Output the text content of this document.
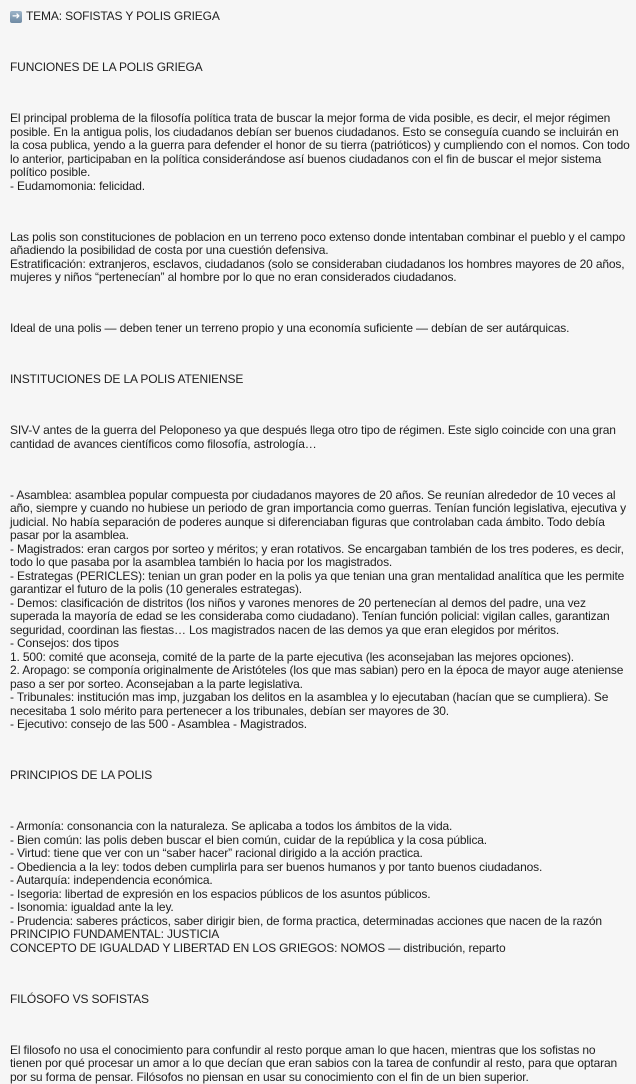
➜ TEMA: SOFISTAS Y POLIS GRIEGA

FUNCIONES DE LA POLIS GRIEGA

El principal problema de la filosofía política trata de buscar la mejor forma de vida posible, es decir, el mejor régimen posible. En la antigua polis, los ciudadanos debían ser buenos ciudadanos. Esto se conseguía cuando se incluirán en la cosa publica, yendo a la guerra para defender el honor de su tierra (patrióticos) y cumpliendo con el nomos. Con todo lo anterior, participaban en la política considerándose así buenos ciudadanos con el fin de buscar el mejor sistema político posible.

- Eudamomonia: felicidad.

Las polis son constituciones de poblacion en un terreno poco extenso donde intentaban combinar el pueblo y el campo añadiendo la posibilidad de costa por una cuestión defensiva.

Estratificación: extranjeros, esclavos, ciudadanos (solo se consideraban ciudadanos los hombres mayores de 20 años, mujeres y niños “pertenecían” al hombre por lo que no eran considerados ciudadanos.

Ideal de una polis — deben tener un terreno propio y una economía suficiente — debían de ser autárquicas.

INSTITUCIONES DE LA POLIS ATENIENSE

SIV-V antes de la guerra del Peloponeso ya que después llega otro tipo de régimen. Este siglo coincide con una gran cantidad de avances científicos como filosofía, astrología…

- Asamblea: asamblea popular compuesta por ciudadanos mayores de 20 años. Se reunían alrededor de 10 veces al año, siempre y cuando no hubiese un periodo de gran importancia como guerras. Tenían función legislativa, ejecutiva y judicial. No había separación de poderes aunque si diferenciaban figuras que controlaban cada ámbito. Todo debía pasar por la asamblea.

- Magistrados: eran cargos por sorteo y méritos; y eran rotativos. Se encargaban también de los tres poderes, es decir, todo lo que pasaba por la asamblea también lo hacia por los magistrados.

- Estrategas (PERICLES): tenian un gran poder en la polis ya que tenian una gran mentalidad analítica que les permite garantizar el futuro de la polis (10 generales estrategas).

- Demos: clasificación de distritos (los niños y varones menores de 20 pertenecían al demos del padre, una vez superada la mayoría de edad se les consideraba como ciudadano). Tenían función policial: vigilan calles, garantizan seguridad, coordinan las fiestas… Los magistrados nacen de las demos ya que eran elegidos por méritos.

- Consejos: dos tipos

1. 500: comité que aconseja, comité de la parte de la parte ejecutiva (les aconsejaban las mejores opciones).

2. Aropago: se componía originalmente de Aristóteles (los que mas sabian) pero en la época de mayor auge ateniense paso a ser por sorteo. Aconsejaban a la parte legislativa.

- Tribunales: institución mas imp, juzgaban los delitos en la asamblea y lo ejecutaban (hacían que se cumpliera). Se necesitaba 1 solo mérito para pertenecer a los tribunales, debían ser mayores de 30.

- Ejecutivo: consejo de las 500 - Asamblea - Magistrados.

PRINCIPIOS DE LA POLIS

- Armonía: consonancia con la naturaleza. Se aplicaba a todos los ámbitos de la vida.

- Bien común: las polis deben buscar el bien común, cuidar de la república y la cosa pública.

- Virtud: tiene que ver con un “saber hacer” racional dirigido a la acción practica.

- Obediencia a la ley: todos deben cumplirla para ser buenos humanos y por tanto buenos ciudadanos.

- Autarquía: independencia económica.

- Isegoria: libertad de expresión en los espacios públicos de los asuntos públicos.

- Isonomia: igualdad ante la ley.

- Prudencia: saberes prácticos, saber dirigir bien, de forma practica, determinadas acciones que nacen de la razón

PRINCIPIO FUNDAMENTAL: JUSTICIA

CONCEPTO DE IGUALDAD Y LIBERTAD EN LOS GRIEGOS: NOMOS — distribución, reparto

FILÓSOFO VS SOFISTAS

El filosofo no usa el conocimiento para confundir al resto porque aman lo que hacen, mientras que los sofistas no tienen por qué procesar un amor a lo que decían que eran sabios con la tarea de confundir al resto, para que optaran por su forma de pensar. Filósofos no piensan en usar su conocimiento con el fin de un bien superior.
